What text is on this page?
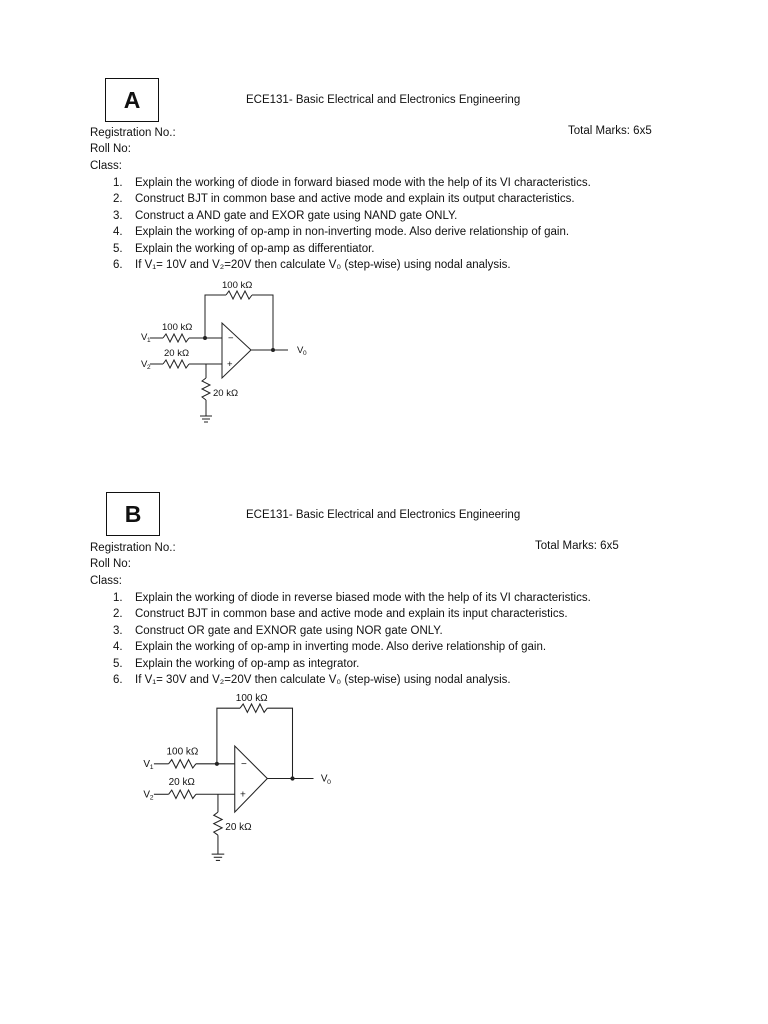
A	ECE131- Basic Electrical and Electronics Engineering
Registration No.:
Roll No:
Class:
Total Marks: 6x5
1.	Explain the working of diode in forward biased mode with the help of its VI characteristics.
2.	Construct BJT in common base and active mode and explain its output characteristics.
3.	Construct a AND gate and EXOR gate using NAND gate ONLY.
4.	Explain the working of op-amp in non-inverting mode. Also derive relationship of gain.
5.	Explain the working of op-amp as differentiator.
6.	If V₁= 10V and V₂=20V then calculate V₀ (step-wise) using nodal analysis.
100 kΩ
100 kΩ
20 kΩ
20 kΩ
V 1
V 2
V 0
−
+
B	ECE131- Basic Electrical and Electronics Engineering
Registration No.:
Roll No:
Class:
Total Marks: 6x5
1.	Explain the working of diode in reverse biased mode with the help of its VI characteristics.
2.	Construct BJT in common base and active mode and explain its input characteristics.
3.	Construct OR gate and EXNOR gate using NOR gate ONLY.
4.	Explain the working of op-amp in inverting mode. Also derive relationship of gain.
5.	Explain the working of op-amp as integrator.
6.	If V₁= 30V and V₂=20V then calculate V₀ (step-wise) using nodal analysis.
100 kΩ
100 kΩ
20 kΩ
20 kΩ
V 1
V 2
V 0
−
+
